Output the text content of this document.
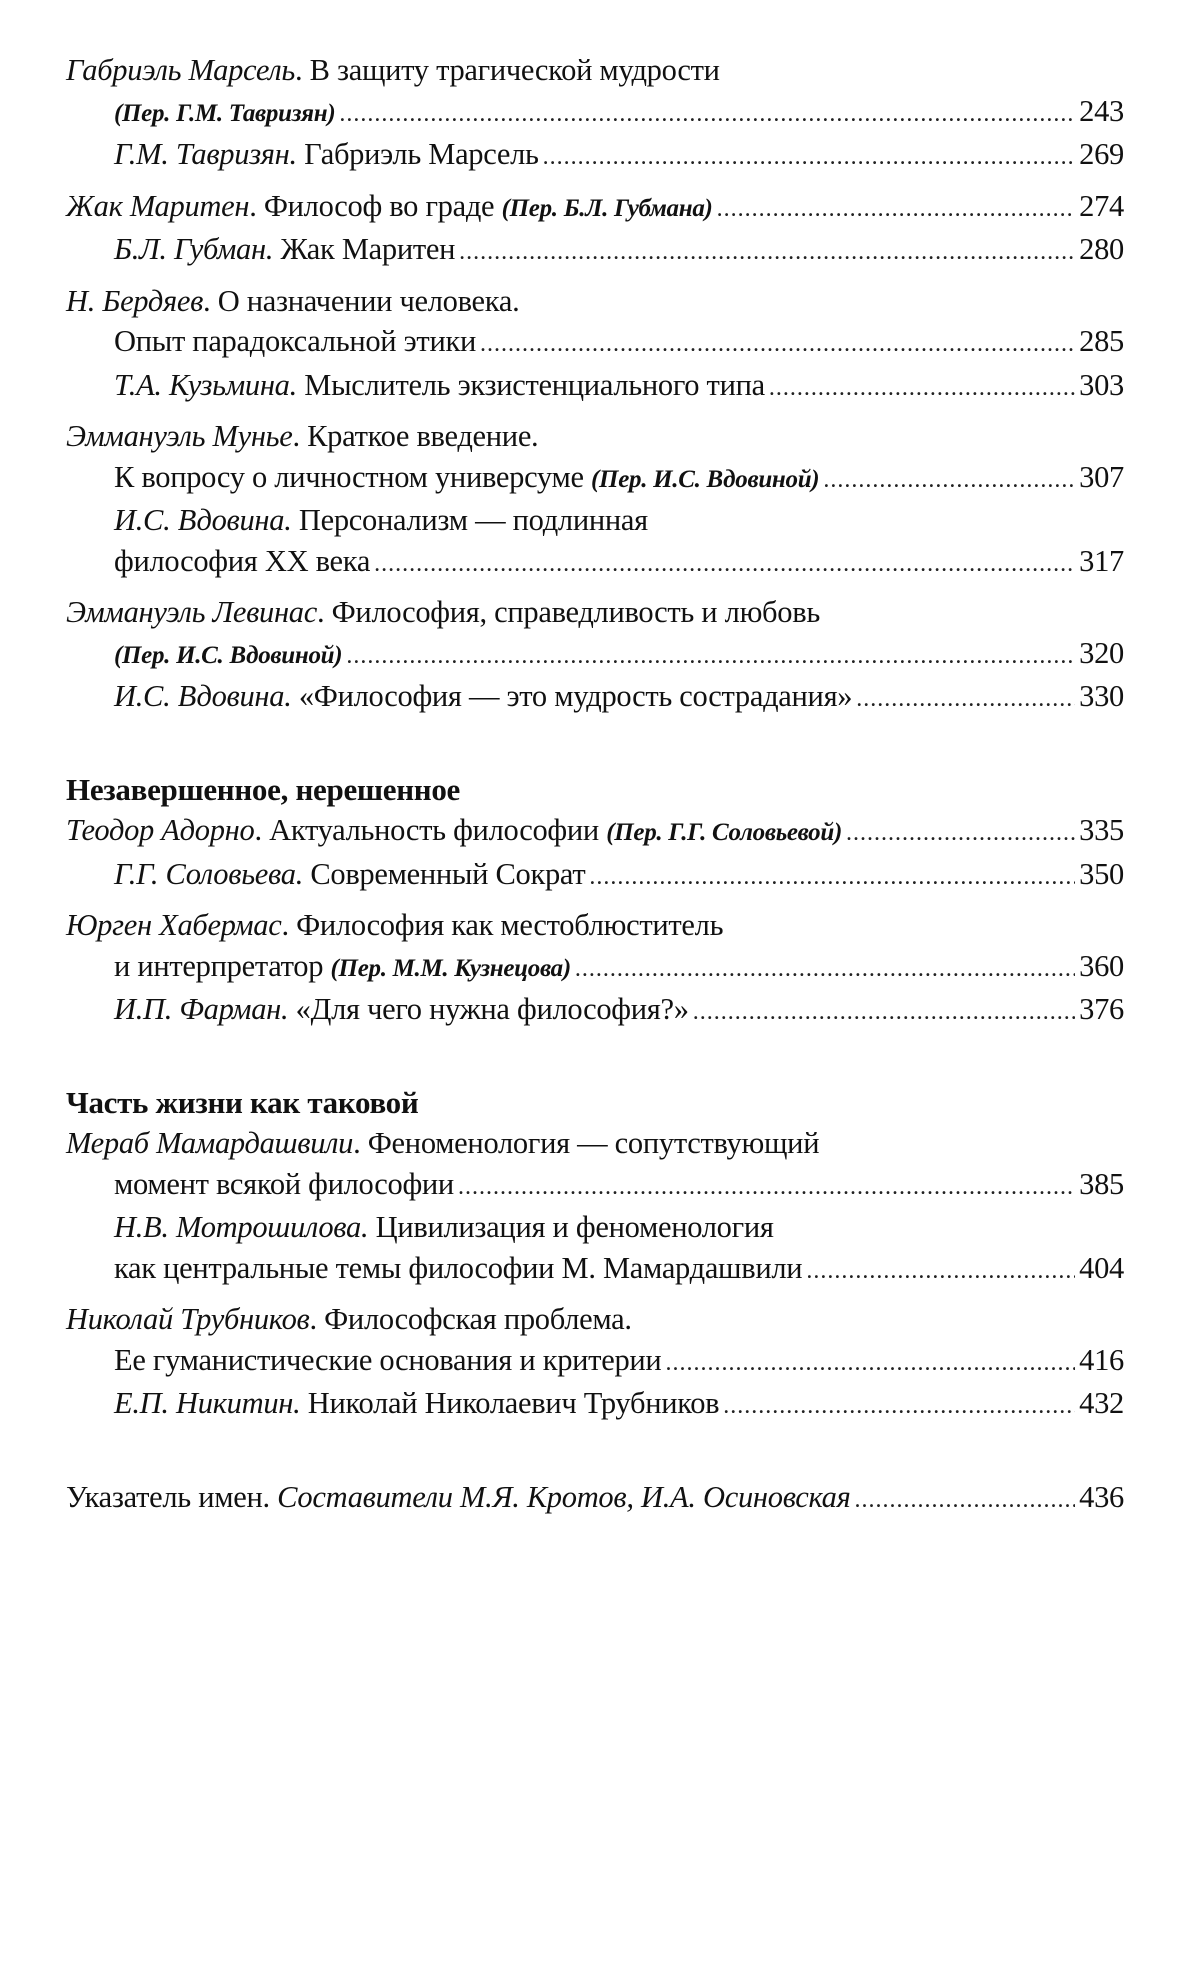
Габриэль Марсель. В защиту трагической мудрости
(Пер. Г.М. Тавризян) .....	243
Г.М. Тавризян. Габриэль Марсель .....	269
Жак Маритен. Философ во граде (Пер. Б.Л. Губмана) .....	274
Б.Л. Губман. Жак Маритен .....	280
Н. Бердяев. О назначении человека.
Опыт парадоксальной этики .....	285
Т.А. Кузьмина. Мыслитель экзистенциального типа .....	303
Эммануэль Мунье. Краткое введение.
К вопросу о личностном универсуме (Пер. И.С. Вдовиной) .....	307
И.С. Вдовина. Персонализм — подлинная
философия XX века .....	317
Эммануэль Левинас. Философия, справедливость и любовь
(Пер. И.С. Вдовиной) .....	320
И.С. Вдовина. «Философия — это мудрость сострадания» .....	330
Незавершенное, нерешенное
Теодор Адорно. Актуальность философии (Пер. Г.Г. Соловьевой) .....	335
Г.Г. Соловьева. Современный Сократ .....	350
Юрген Хабермас. Философия как местоблюститель
и интерпретатор (Пер. М.М. Кузнецова) .....	360
И.П. Фарман. «Для чего нужна философия?» .....	376
Часть жизни как таковой
Мераб Мамардашвили. Феноменология — сопутствующий
момент всякой философии .....	385
Н.В. Мотрошилова. Цивилизация и феноменология
как центральные темы философии М. Мамардашвили .....	404
Николай Трубников. Философская проблема.
Ее гуманистические основания и критерии .....	416
Е.П. Никитин. Николай Николаевич Трубников .....	432
Указатель имен. Составители М.Я. Кротов, И.А. Осиновская .....	436
